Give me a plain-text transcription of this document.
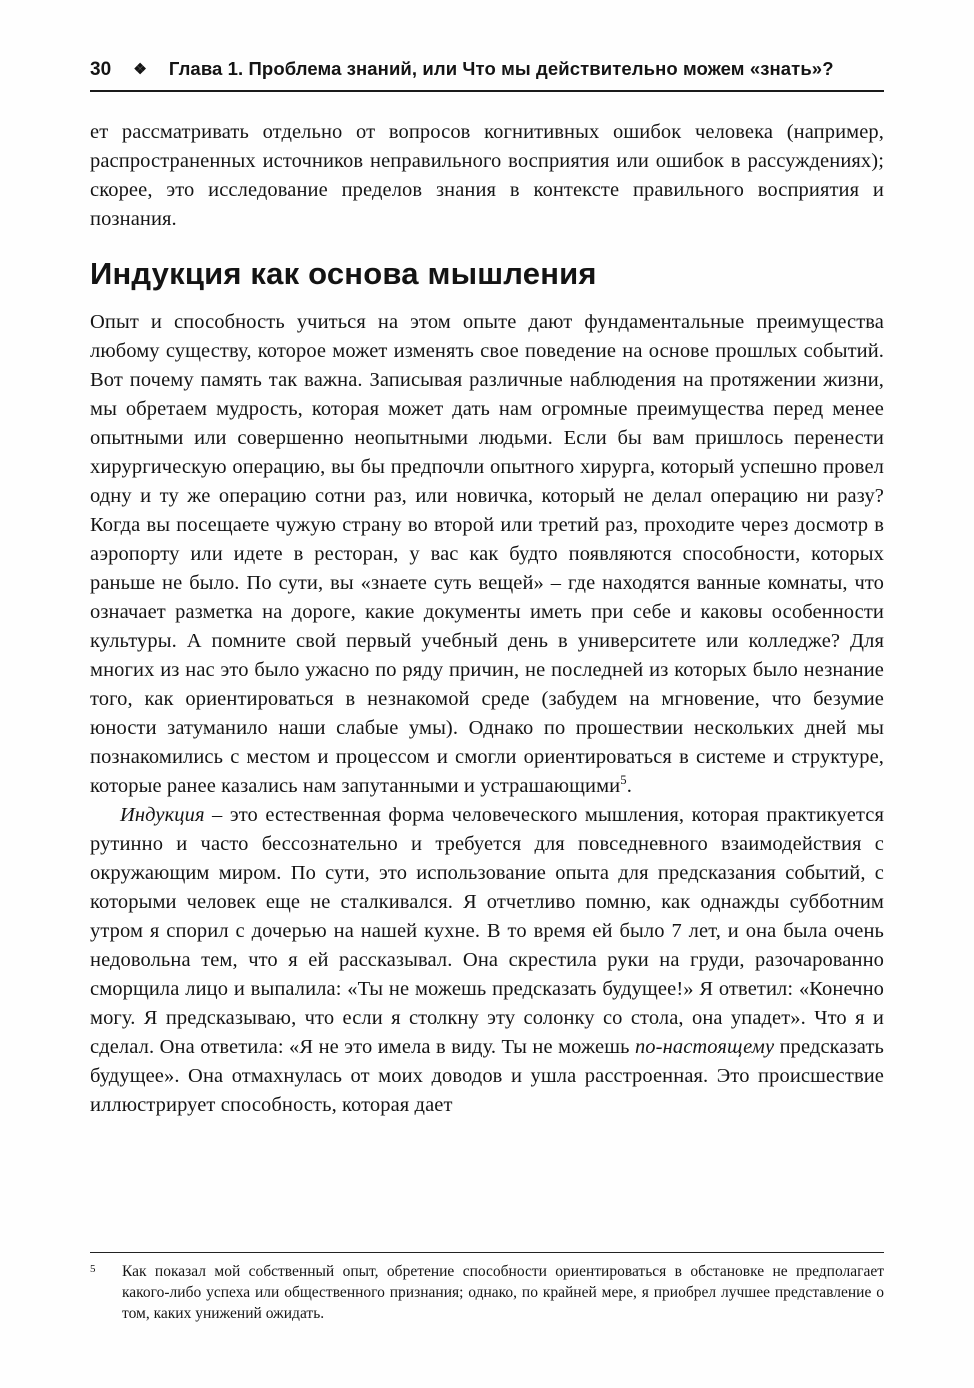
30	❖	Глава 1. Проблема знаний, или Что мы действительно можем «знать»?

ет рассматривать отдельно от вопросов когнитивных ошибок человека (например, распространенных источников неправильного восприятия или ошибок в рассуждениях); скорее, это исследование пределов знания в контексте правильного восприятия и познания.

Индукция как основа мышления

Опыт и способность учиться на этом опыте дают фундаментальные преимущества любому существу, которое может изменять свое поведение на основе прошлых событий. Вот почему память так важна. Записывая различные наблюдения на протяжении жизни, мы обретаем мудрость, которая может дать нам огромные преимущества перед менее опытными или совершенно неопытными людьми. Если бы вам пришлось перенести хирургическую операцию, вы бы предпочли опытного хирурга, который успешно провел одну и ту же операцию сотни раз, или новичка, который не делал операцию ни разу? Когда вы посещаете чужую страну во второй или третий раз, проходите через досмотр в аэропорту или идете в ресторан, у вас как будто появляются способности, которых раньше не было. По сути, вы «знаете суть вещей» – где находятся ванные комнаты, что означает разметка на дороге, какие документы иметь при себе и каковы особенности культуры. А помните свой первый учебный день в университете или колледже? Для многих из нас это было ужасно по ряду причин, не последней из которых было незнание того, как ориентироваться в незнакомой среде (забудем на мгновение, что безумие юности затуманило наши слабые умы). Однако по прошествии нескольких дней мы познакомились с местом и процессом и смогли ориентироваться в системе и структуре, которые ранее казались нам запутанными и устрашающими$^5$.

Индукция – это естественная форма человеческого мышления, которая практикуется рутинно и часто бессознательно и требуется для повседневного взаимодействия с окружающим миром. По сути, это использование опыта для предсказания событий, с которыми человек еще не сталкивался. Я отчетливо помню, как однажды субботним утром я спорил с дочерью на нашей кухне. В то время ей было 7 лет, и она была очень недовольна тем, что я ей рассказывал. Она скрестила руки на груди, разочарованно сморщила лицо и выпалила: «Ты не можешь предсказать будущее!» Я ответил: «Конечно могу. Я предсказываю, что если я столкну эту солонку со стола, она упадет». Что я и сделал. Она ответила: «Я не это имела в виду. Ты не можешь по-настоящему предсказать будущее». Она отмахнулась от моих доводов и ушла расстроенная. Это происшествие иллюстрирует способность, которая дает

5	Как показал мой собственный опыт, обретение способности ориентироваться в обстановке не предполагает какого-либо успеха или общественного признания; однако, по крайней мере, я приобрел лучшее представление о том, каких унижений ожидать.
